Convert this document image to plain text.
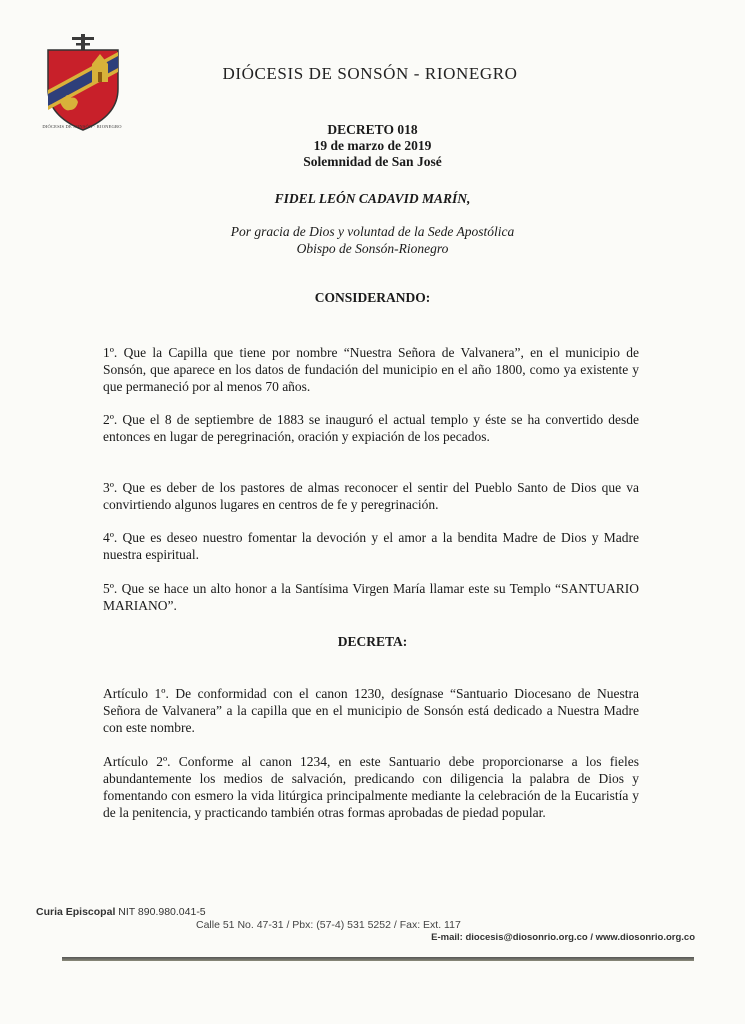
DIÓCESIS DE SONSÓN · RIONEGRO
DIÓCESIS DE SONSÓN - RIONEGRO
DECRETO 018
19 de marzo de 2019
Solemnidad de San José
FIDEL LEÓN CADAVID MARÍN,
Por gracia de Dios y voluntad de la Sede Apostólica
Obispo de Sonsón-Rionegro
CONSIDERANDO:

1º. Que la Capilla que tiene por nombre “Nuestra Señora de Valvanera”, en el municipio de Sonsón, que aparece en los datos de fundación del municipio en el año 1800, como ya existente y que permaneció por al menos 70 años.

2º. Que el 8 de septiembre de 1883 se inauguró el actual templo y éste se ha convertido desde entonces en lugar de peregrinación, oración y expiación de los pecados.

3º. Que es deber de los pastores de almas reconocer el sentir del Pueblo Santo de Dios que va convirtiendo algunos lugares en centros de fe y peregrinación.

4º. Que es deseo nuestro fomentar la devoción y el amor a la bendita Madre de Dios y Madre nuestra espiritual.

5º. Que se hace un alto honor a la Santísima Virgen María llamar este su Templo “SANTUARIO MARIANO”.

DECRETA:

Artículo 1º. De conformidad con el canon 1230, desígnase “Santuario Diocesano de Nuestra Señora de Valvanera” a la capilla que en el municipio de Sonsón está dedicado a Nuestra Madre con este nombre.

Artículo 2º. Conforme al canon 1234, en este Santuario debe proporcionarse a los fieles abundantemente los medios de salvación, predicando con diligencia la palabra de Dios y fomentando con esmero la vida litúrgica principalmente mediante la celebración de la Eucaristía y de la penitencia, y practicando también otras formas aprobadas de piedad popular.

Curia Episcopal NIT 890.980.041-5
Calle 51 No. 47-31 / Pbx: (57-4) 531 5252 / Fax: Ext. 117
E-mail: diocesis@diosonrio.org.co / www.diosonrio.org.co
